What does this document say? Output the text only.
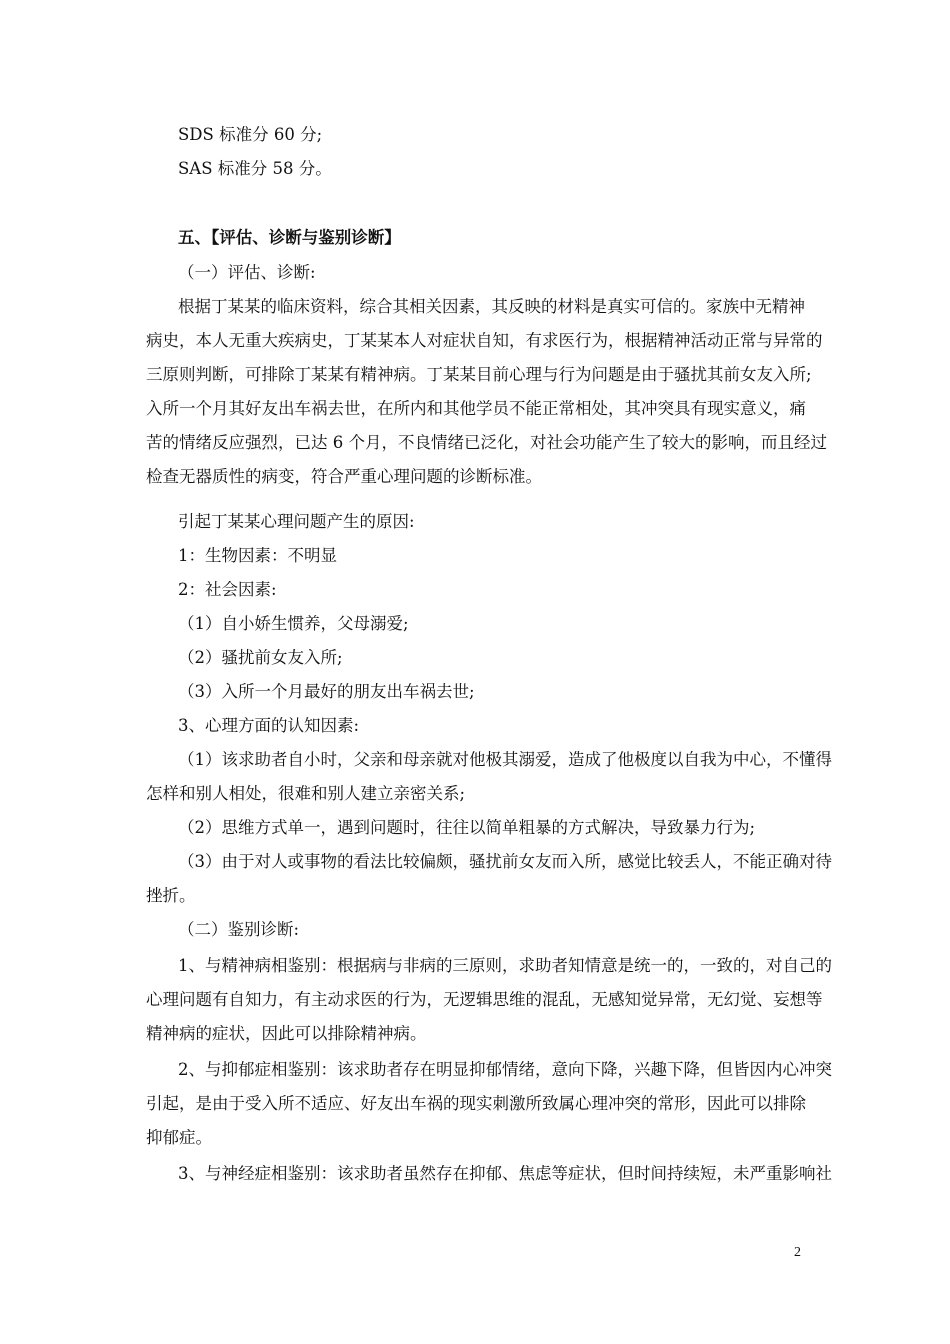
SDS 标准分 60 分;
SAS 标准分 58 分。
五、【评估、诊断与鉴别诊断】
（一）评估、诊断:
根据丁某某的临床资料，综合其相关因素，其反映的材料是真实可信的。家族中无精神
病史，本人无重大疾病史，丁某某本人对症状自知，有求医行为，根据精神活动正常与异常的
三原则判断，可排除丁某某有精神病。丁某某目前心理与行为问题是由于骚扰其前女友入所;
入所一个月其好友出车祸去世，在所内和其他学员不能正常相处，其冲突具有现实意义，痛
苦的情绪反应强烈，已达 6 个月，不良情绪已泛化，对社会功能产生了较大的影响，而且经过
检查无器质性的病变，符合严重心理问题的诊断标准。
引起丁某某心理问题产生的原因:
1：生物因素：不明显
2：社会因素:
（1）自小娇生惯养，父母溺爱;
（2）骚扰前女友入所;
（3）入所一个月最好的朋友出车祸去世;
3、心理方面的认知因素:
（1）该求助者自小时，父亲和母亲就对他极其溺爱，造成了他极度以自我为中心，不懂得
怎样和别人相处，很难和别人建立亲密关系;
（2）思维方式单一，遇到问题时，往往以简单粗暴的方式解决，导致暴力行为;
（3）由于对人或事物的看法比较偏颇，骚扰前女友而入所，感觉比较丢人，不能正确对待
挫折。
（二）鉴别诊断:
1、与精神病相鉴别：根据病与非病的三原则，求助者知情意是统一的，一致的，对自己的
心理问题有自知力，有主动求医的行为，无逻辑思维的混乱，无感知觉异常，无幻觉、妄想等
精神病的症状，因此可以排除精神病。
2、与抑郁症相鉴别：该求助者存在明显抑郁情绪，意向下降，兴趣下降，但皆因内心冲突
引起，是由于受入所不适应、好友出车祸的现实刺激所致属心理冲突的常形，因此可以排除
抑郁症。
3、与神经症相鉴别：该求助者虽然存在抑郁、焦虑等症状，但时间持续短，未严重影响社
2
